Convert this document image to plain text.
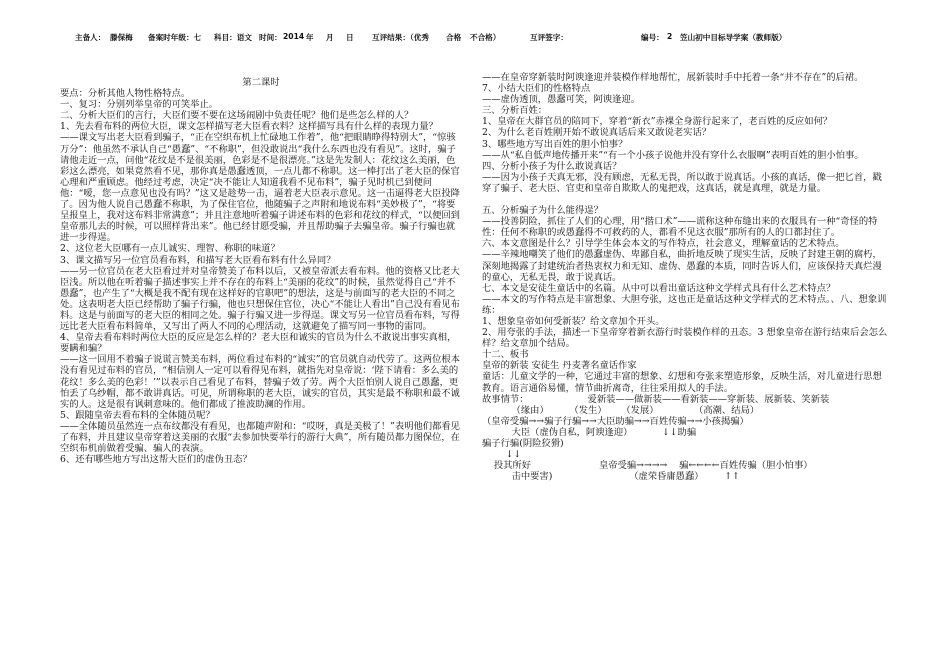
主备人： 滕保梅 备案时年级：七 科目：语文 时间： 2014 年 月 日 互评结果：（优秀 合格 不合格）	互评签字：	编号： 2 笠山初中目标导学案（教师版）

第二课时

要点：分析其他人物性格特点。

一、复习：分别列举皇帝的可笑举止。

二、分析大臣们的言行，大臣们要不要在这场闹剧中负责任呢？他们是些怎么样的人？

1、先去看布料的两位大臣，课文怎样描写老大臣看衣料？这样描写具有什么样的表现力量？

——课文写出老大臣看到骗子，“正在空织布机上忙碌地工作着”，他“把眼睛睁得特别大”，“惊骇万分”：他虽然不承认自己“愚蠢”、“不称职”，但没敢说出“我什么东西也没有看见”。这时，骗子请他走近一点，问他“花纹是不是很美丽，色彩是不是很漂亮。”这是先发制人：花纹这么美丽，色彩这么漂亮，如果竟然看不见，那你真是愚蠢透顶，一点儿都不称职。这一棒打出了老大臣的保官心理和严重顾虑。他经过考虑，决定“决不能让人知道我看不见布料”，骗子见时机已到便问他：“嗳，您一点意见也没有吗？”这又是趁势一击，逼着老大臣表示意见。这一击逼得老大臣投降了。因为他人说自己愚蠢不称职，为了保住官位，他随骗子之声附和地说布料“美妙极了”，“将要呈报皇上，我对这布料非常满意”；并且注意地听着骗子讲述布料的色彩和花纹的样式，“以便回到皇帝那儿去的时候，可以照样背出来”。他已经甘愿受骗，并且帮助骗子去骗皇帝。骗子行骗也就进一步得逞。

2、这位老大臣哪有一点儿诚实、理智、称职的味道？

3、课文描写另一位官员看布料，和描写老大臣看布料有什么异同？

——另一位官员在老大臣看过并对皇帝赞美了布料以后，又被皇帝派去看布料。他的资格又比老大臣浅。所以他在听着骗子描述事实上并不存在的布料上“美丽的花纹”的时候，虽然觉得自己“并不愚蠢”，也产生了“大概是我不配有现在这样好的官职吧”的想法，这是与前面写的老大臣的不同之处。这表明老大臣已经帮助了骗子行骗，他也只想保住官位，决心“不能让人看出”自己没有看见布料。这是与前面写的老大臣的相同之处。骗子行骗又进一步得逞。课文写另一位官员看布料，写得远比老大臣看布料简单，又写出了两人不同的心理活动，这就避免了描写同一事物的雷同。

4、皇帝去看布料时两位大臣的反应是怎么样的？老大臣和诚实的官员为什么不敢说出事实真相，要瞒和骗？

——这一回用不着骗子说谎言赞美布料，两位看过布料的“诚实”的官员就自动代劳了。这两位根本没有看见过布料的官员，“相信别人一定可以看得见布料，就指先对皇帝说：‘陛下请看：多么美的花纹！多么美的色彩！’”以表示自己看见了布料，替骗子效了劳。两个大臣怕别人说自己愚蠢，更怕丢了乌纱帽，都不敢讲真话。可见，所谓称职的老大臣，诚实的官员，其实是最不称职和最不诚实的人。这是很有讽刺意味的。他们都成了推波助澜的作用。

5、跟随皇帝去看布料的全体随员呢？

——全体随员虽然连一点布纹都没有看见，也都随声附和：“哎呀，真是美极了！”表明他们都看见了布料，并且建议皇帝穿着这美丽的衣服“去参加快要举行的游行大典”，所有随员都力图保位，在空织布机前做着受骗、骗人的表演。

6、还有哪些地方写出这帮大臣们的虚伪丑态？

——在皇帝穿新装时阿谀逢迎并装模作样地帮忙，展新装时手中托着一条“并不存在”的后裙。

7、小结大臣们的性格特点

——虚伪透顶，愚蠢可笑，阿谀逢迎。

三、分析百姓：

1、皇帝在大群官员的陪同下，穿着“新衣”赤裸全身游行起来了，老百姓的反应如何？

2、为什么老百姓刚开始不敢说真话后来又敢说老实话？

3、哪些地方写出百姓的胆小怕事？

——从“私自低声地传播开来”“有一个小孩子说他并没有穿什么衣服啊”表明百姓的胆小怕事。

四、分析小孩子为什么敢说真话？

——因为小孩子天真无邪，没有顾虑，无私无畏，所以敢于说真话。小孩的真话，像一把匕首，戳穿了骗子、老大臣、官吏和皇帝自欺欺人的鬼把戏，这真话，就是真理，就是力量。

五、分析骗子为什么能得逞？

——投善阴险，抓住了人们的心理，用“揩口术”——谎称这种布缝出来的衣服具有一种“奇怪的特性：任何不称职的或愚蠢得不可救药的人，都看不见这衣服”那所有的人的口都封住了。

六、本文意图是什么？引导学生体会本文的写作特点，社会意义，理解童话的艺术特点。

——辛辣地嘲笑了他们的愚蠢虚伪、卑鄙自私，曲折地反映了现实生活，反映了封建王朝的腐朽，深刻地揭露了封建统治者热衷权力和无知、虚伪、愚蠢的本质，同时告诉人们，应该保持天真烂漫的童心，无私无畏，敢于说真话。

七、本文是安徒生童话中的名篇。从中可以看出童话这种文学样式具有什么艺术特点？

——本文的写作特点是丰富想象、大胆夸张，这也正是童话这种文学样式的艺术特点。、八、想象训练：

1、想象皇帝如何受新装？给文章加个开头。

2、用夸张的手法，描述一下皇帝穿着新衣游行时装模作样的丑态。3 想象皇帝在游行结束后会怎么样？给文章加个结局。

十二、板书

皇帝的新装 安徒生 丹麦著名童话作家

童话：儿童文学的一种，它通过丰富的想象、幻想和夸张来塑造形象，反映生活，对儿童进行思想教育。语言通俗易懂，情节曲折离奇，往往采用拟人的手法。

故事情节：                    爱新装——做新装——看新装——穿新装、展新装、笑新装

（缘由）       （发生）     （发展）            （高潮、结局）

（皇帝受骗→→骗子行骗→→大臣助骗→→百姓传骗→→小孩揭骗）

大臣（虚伪自私，阿谀逢迎）          ↓↓助骗

骗子行骗(阴险狡猾)

↓↓

投其所好                       皇帝受骗→→→→    骗←←←←百姓传骗（胆小怕事）

击中要害)                          （虚荣昏庸愚蠢）       ↑↑
